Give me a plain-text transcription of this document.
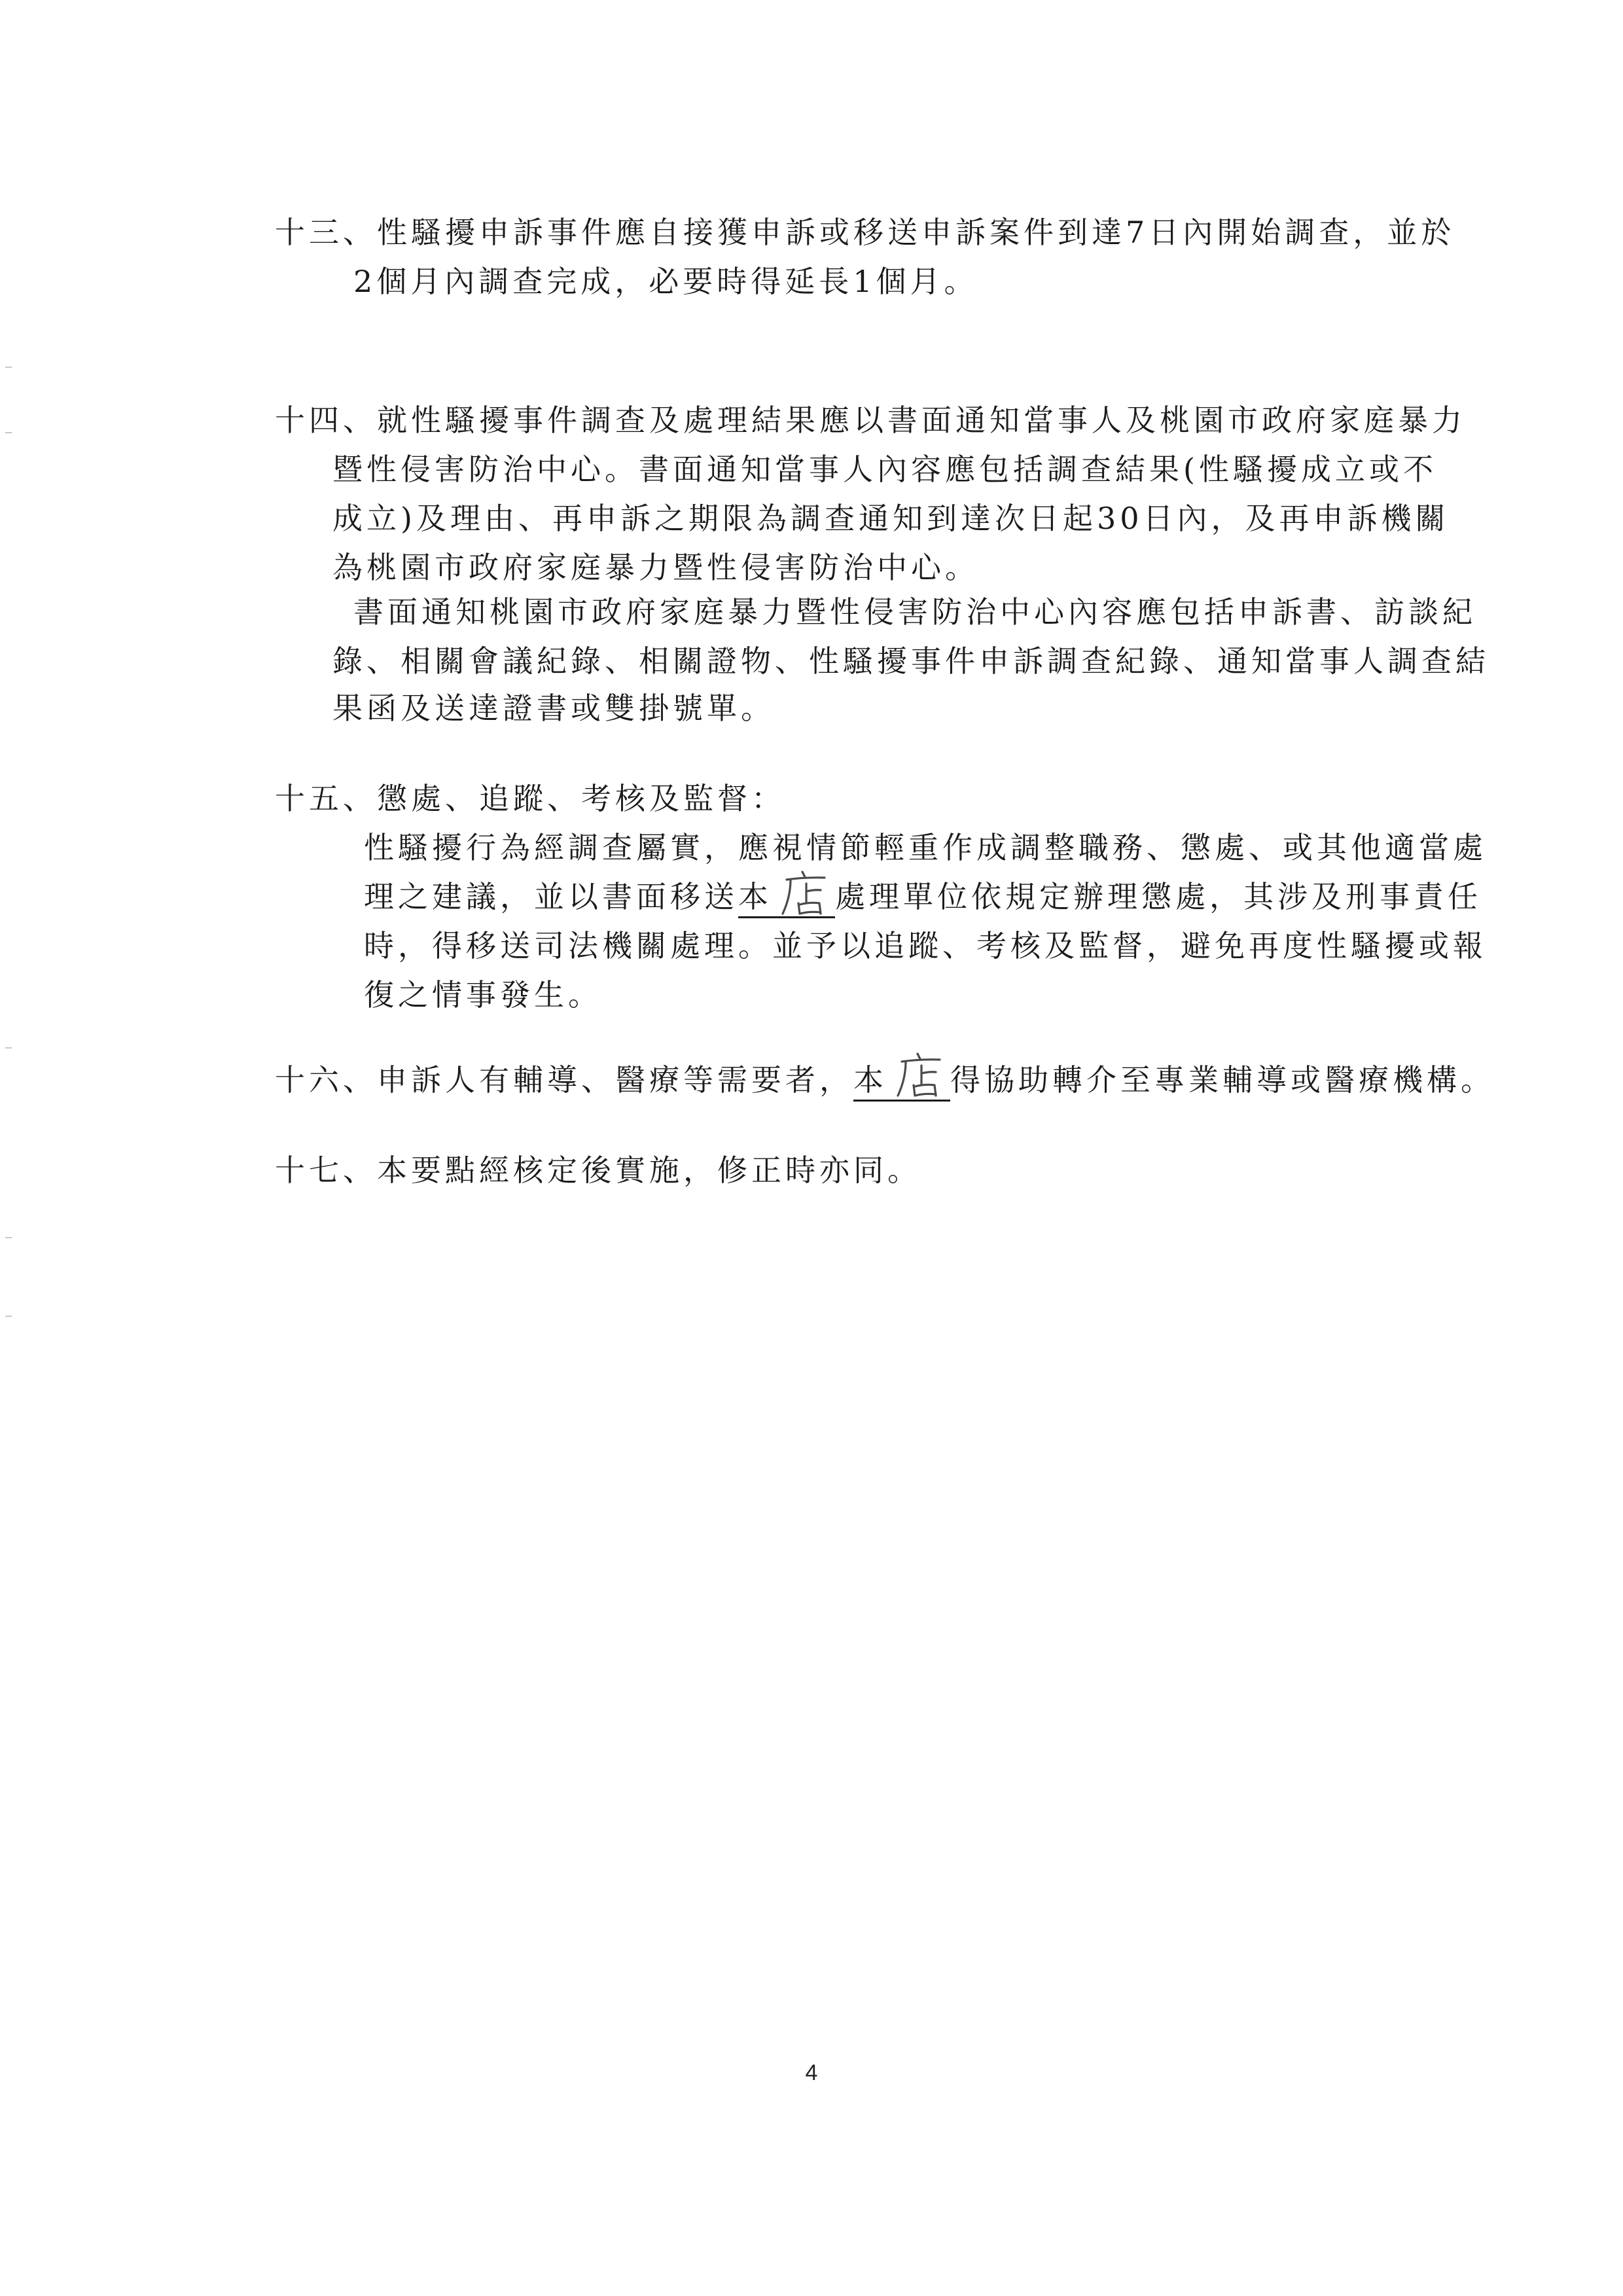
十三、性騷擾申訴事件應自接獲申訴或移送申訴案件到達7日內開始調查，並於
2個月內調查完成，必要時得延長1個月。
十四、就性騷擾事件調查及處理結果應以書面通知當事人及桃園市政府家庭暴力
暨性侵害防治中心。書面通知當事人內容應包括調查結果(性騷擾成立或不
成立)及理由、再申訴之期限為調查通知到達次日起30日內，及再申訴機關
為桃園市政府家庭暴力暨性侵害防治中心。
書面通知桃園市政府家庭暴力暨性侵害防治中心內容應包括申訴書、訪談紀
錄、相關會議紀錄、相關證物、性騷擾事件申訴調查紀錄、通知當事人調查結
果函及送達證書或雙掛號單。
十五、懲處、追蹤、考核及監督：
性騷擾行為經調查屬實，應視情節輕重作成調整職務、懲處、或其他適當處
理之建議，並以書面移送本 處理單位依規定辦理懲處，其涉及刑事責任
時，得移送司法機關處理。並予以追蹤、考核及監督，避免再度性騷擾或報
復之情事發生。
十六、申訴人有輔導、醫療等需要者，本 得協助轉介至專業輔導或醫療機構。
十七、本要點經核定後實施，修正時亦同。
4
